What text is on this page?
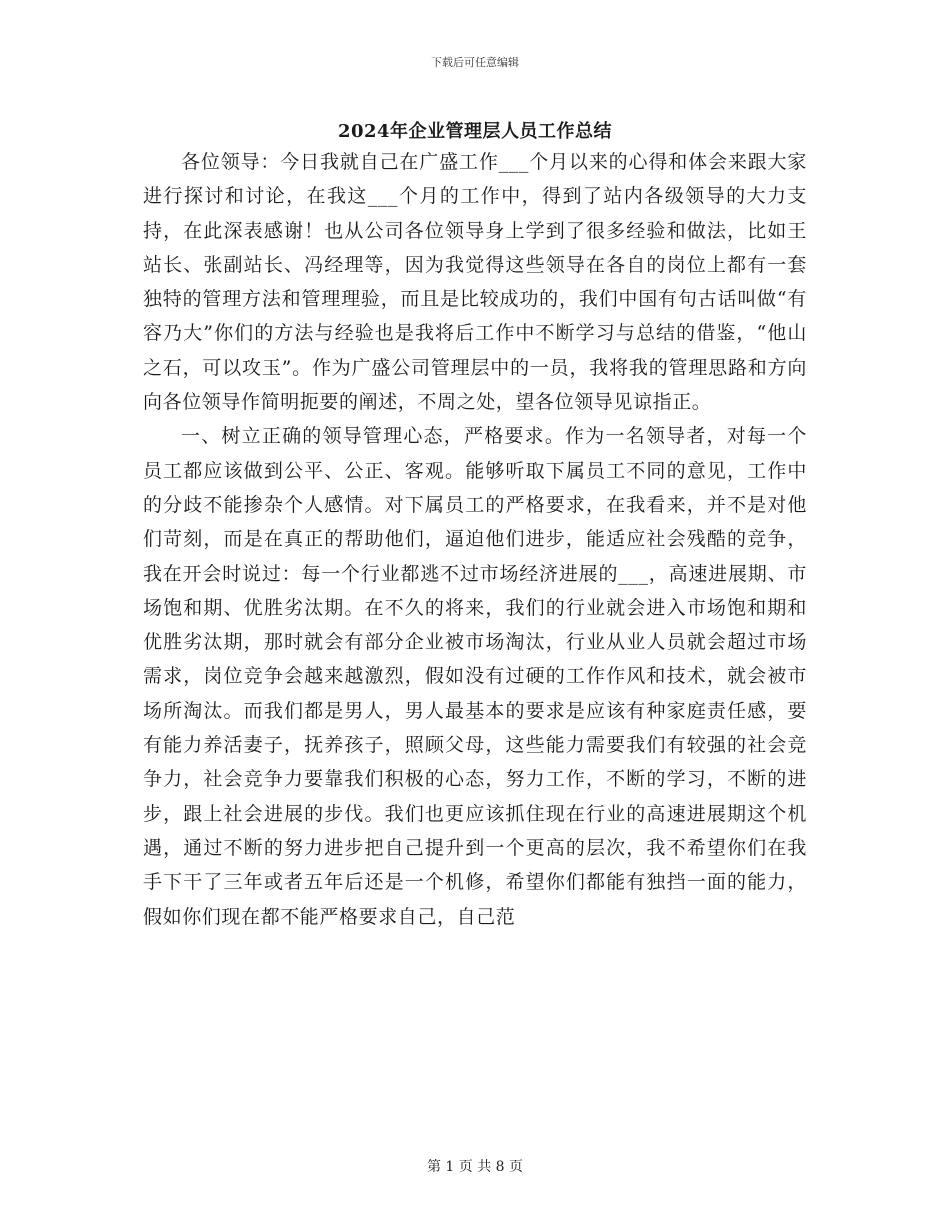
下载后可任意编辑
2024年企业管理层人员工作总结

各位领导：今日我就自己在广盛工作___个月以来的心得和体会来跟大家进行探讨和讨论，在我这___个月的工作中，得到了站内各级领导的大力支持，在此深表感谢！也从公司各位领导身上学到了很多经验和做法，比如王站长、张副站长、冯经理等，因为我觉得这些领导在各自的岗位上都有一套独特的管理方法和管理理验，而且是比较成功的，我们中国有句古话叫做“有容乃大”你们的方法与经验也是我将后工作中不断学习与总结的借鉴，“他山之石，可以攻玉”。作为广盛公司管理层中的一员，我将我的管理思路和方向向各位领导作简明扼要的阐述，不周之处，望各位领导见谅指正。

一、树立正确的领导管理心态，严格要求。作为一名领导者，对每一个员工都应该做到公平、公正、客观。能够听取下属员工不同的意见，工作中的分歧不能掺杂个人感情。对下属员工的严格要求，在我看来，并不是对他们苛刻，而是在真正的帮助他们，逼迫他们进步，能适应社会残酷的竞争，我在开会时说过：每一个行业都逃不过市场经济进展的___，高速进展期、市场饱和期、优胜劣汰期。在不久的将来，我们的行业就会进入市场饱和期和优胜劣汰期，那时就会有部分企业被市场淘汰，行业从业人员就会超过市场需求，岗位竞争会越来越激烈，假如没有过硬的工作作风和技术，就会被市场所淘汰。而我们都是男人，男人最基本的要求是应该有种家庭责任感，要有能力养活妻子，抚养孩子，照顾父母，这些能力需要我们有较强的社会竞争力，社会竞争力要靠我们积极的心态，努力工作，不断的学习，不断的进步，跟上社会进展的步伐。我们也更应该抓住现在行业的高速进展期这个机遇，通过不断的努力进步把自己提升到一个更高的层次，我不希望你们在我手下干了三年或者五年后还是一个机修，希望你们都能有独挡一面的能力，假如你们现在都不能严格要求自己，自己范

第 1 页 共 8 页
